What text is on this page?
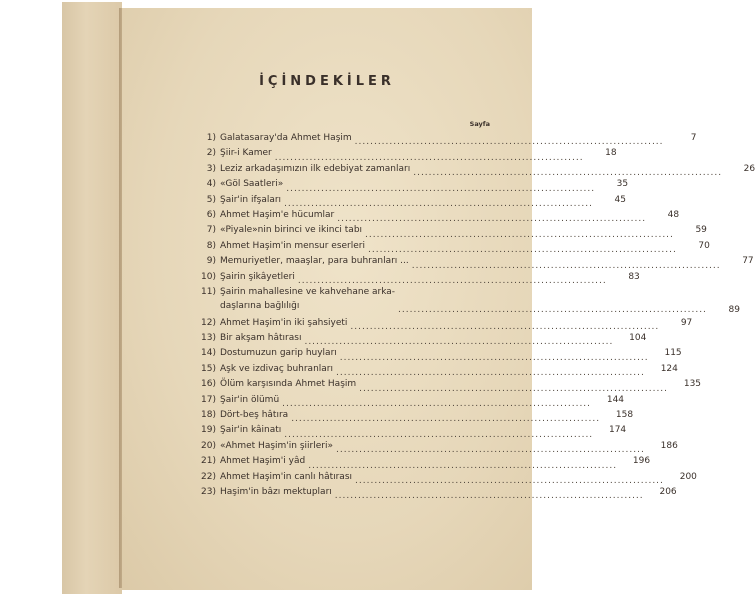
İÇİNDEKİLER
Sayfa
1) Galatasaray'da Ahmet Haşim ................................................................................	7
2) Şiir-i Kamer ................................................................................	18
3) Leziz arkadaşımızın ilk edebiyat zamanları ................................................................................	26
4) «Göl Saatleri» ................................................................................	35
5) Şair'in ifşaları ................................................................................	45
6) Ahmet Haşim'e hücumlar ................................................................................	48
7) «Piyale»nin birinci ve ikinci tabı ................................................................................	59
8) Ahmet Haşim'in mensur eserleri ................................................................................	70
9) Memuriyetler, maaşlar, para buhranları ... ................................................................................	77
10) Şairin şikâyetleri ................................................................................	83
11) Şairin mahallesine ve kahvehane arka-
daşlarına bağlılığı	................................................................................	89
12) Ahmet Haşim'in iki şahsiyeti ................................................................................	97
13) Bir akşam hâtırası ................................................................................	104
14) Dostumuzun garip huyları ................................................................................	115
15) Aşk ve izdivaç buhranları ................................................................................	124
16) Ölüm karşısında Ahmet Haşim ................................................................................	135
17) Şair'in ölümü ................................................................................	144
18) Dört-beş hâtıra ................................................................................	158
19) Şair'in kâinatı ................................................................................	174
20) «Ahmet Haşim'in şiirleri» ................................................................................	186
21) Ahmet Haşim'i yâd ................................................................................	196
22) Ahmet Haşim'in canlı hâtırası ................................................................................	200
23) Haşim'in bâzı mektupları ................................................................................	206
